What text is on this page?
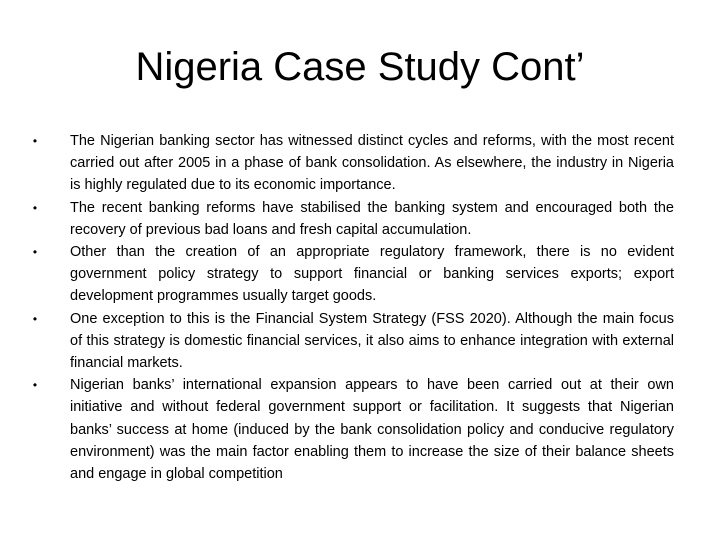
Nigeria Case Study Cont’
• The Nigerian banking sector has witnessed distinct cycles and reforms, with the most recent carried out after 2005 in a phase of bank consolidation. As elsewhere, the industry in Nigeria is highly regulated due to its economic importance.
• The recent banking reforms have stabilised the banking system and encouraged both the recovery of previous bad loans and fresh capital accumulation.
• Other than the creation of an appropriate regulatory framework, there is no evident government policy strategy to support financial or banking services exports; export development programmes usually target goods.
• One exception to this is the Financial System Strategy (FSS 2020). Although the main focus of this strategy is domestic financial services, it also aims to enhance integration with external financial markets.
• Nigerian banks’ international expansion appears to have been carried out at their own initiative and without federal government support or facilitation. It suggests that Nigerian banks’ success at home (induced by the bank consolidation policy and conducive regulatory environment) was the main factor enabling them to increase the size of their balance sheets and engage in global competition
